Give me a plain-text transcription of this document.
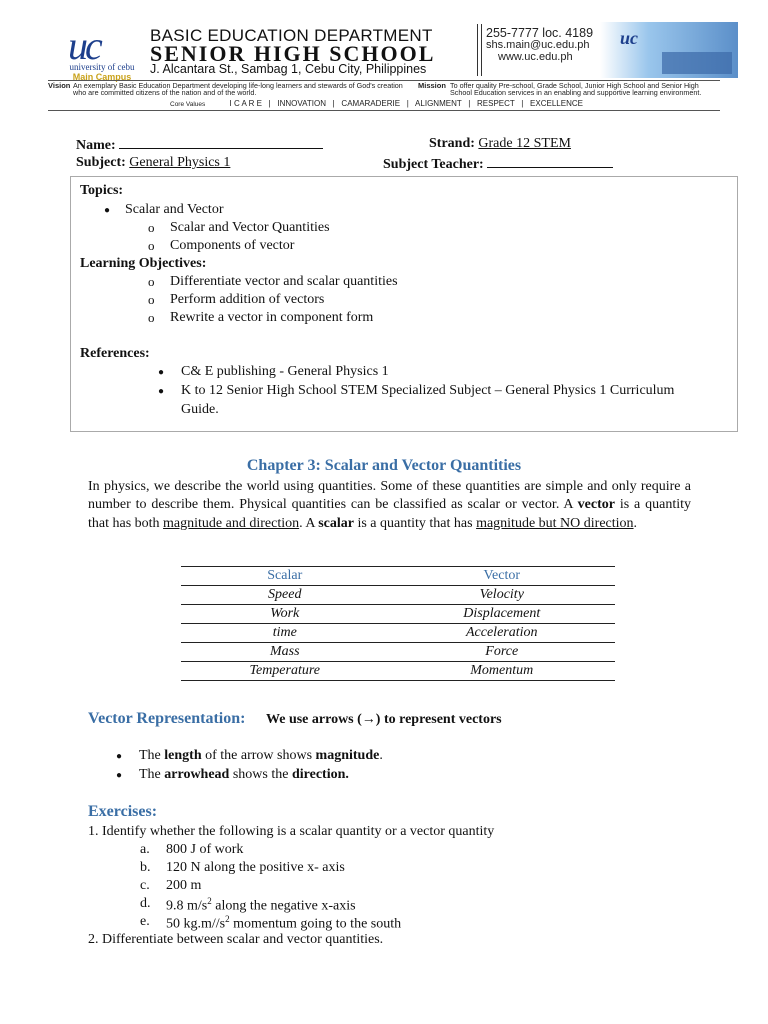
uc
university of cebu
Main Campus
BASIC EDUCATION DEPARTMENT
SENIOR HIGH SCHOOL
J. Alcantara St., Sambag 1, Cebu City, Philippines
255-7777 loc. 4189
shs.main@uc.edu.ph
www.uc.edu.ph
uc
Vision An exemplary Basic Education Department developing life-long learners and stewards of God's creation who are committed citizens of the nation and of the world.
Mission To offer quality Pre-school, Grade School, Junior High School and Senior High School Education services in an enabling and supportive learning environment.
Core Values	I C A R E   |   INNOVATION   |   CAMARADERIE   |   ALIGNMENT   |   RESPECT   |   EXCELLENCE
Name:	Strand: Grade 12 STEM
Subject: General Physics 1	Subject Teacher:
Topics:
● Scalar and Vector
o Scalar and Vector Quantities
o Components of vector
Learning Objectives:
o Differentiate vector and scalar quantities
o Perform addition of vectors
o Rewrite a vector in component form
References:
● C& E publishing - General Physics 1
● K to 12 Senior High School STEM Specialized Subject – General Physics 1 Curriculum
Guide.
Chapter 3: Scalar and Vector Quantities
In physics, we describe the world using quantities. Some of these quantities are simple and only require a number to describe them. Physical quantities can be classified as scalar or vector. A vector is a quantity that has both magnitude and direction. A scalar is a quantity that has magnitude but NO direction.
Scalar	Vector
Speed	Velocity
Work	Displacement
time	Acceleration
Mass	Force
Temperature	Momentum
Vector Representation: We use arrows (→) to represent vectors
● The length of the arrow shows magnitude.
● The arrowhead shows the direction.
Exercises:
1. Identify whether the following is a scalar quantity or a vector quantity
a. 800 J of work
b. 120 N along the positive x- axis
c. 200 m
d. 9.8 $m/s^2$ along the negative x-axis
e. 50 $kg.m//s^2$ momentum going to the south
2. Differentiate between scalar and vector quantities.
